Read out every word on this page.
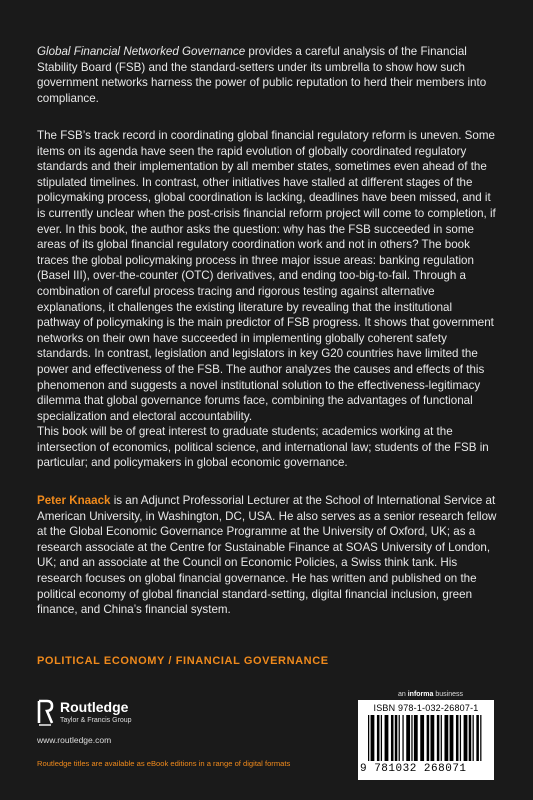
Global Financial Networked Governance provides a careful analysis of the Financial Stability Board (FSB) and the standard-setters under its umbrella to show how such government networks harness the power of public reputation to herd their members into compliance.
The FSB’s track record in coordinating global financial regulatory reform is uneven. Some items on its agenda have seen the rapid evolution of globally coordinated regulatory standards and their implementation by all member states, sometimes even ahead of the stipulated timelines. In contrast, other initiatives have stalled at different stages of the policymaking process, global coordination is lacking, deadlines have been missed, and it is currently unclear when the post-crisis financial reform project will come to completion, if ever. In this book, the author asks the question: why has the FSB succeeded in some areas of its global financial regulatory coordination work and not in others? The book traces the global policymaking process in three major issue areas: banking regulation (Basel III), over-the-counter (OTC) derivatives, and ending too-big-to-fail. Through a combination of careful process tracing and rigorous testing against alternative explanations, it challenges the existing literature by revealing that the institutional pathway of policymaking is the main predictor of FSB progress. It shows that government networks on their own have succeeded in implementing globally coherent safety standards. In contrast, legislation and legislators in key G20 countries have limited the power and effectiveness of the FSB. The author analyzes the causes and effects of this phenomenon and suggests a novel institutional solution to the effectiveness-legitimacy dilemma that global governance forums face, combining the advantages of functional specialization and electoral accountability.
This book will be of great interest to graduate students; academics working at the intersection of economics, political science, and international law; students of the FSB in particular; and policymakers in global economic governance.
Peter Knaack is an Adjunct Professorial Lecturer at the School of International Service at American University, in Washington, DC, USA. He also serves as a senior research fellow at the Global Economic Governance Programme at the University of Oxford, UK; as a research associate at the Centre for Sustainable Finance at SOAS University of London, UK; and an associate at the Council on Economic Policies, a Swiss think tank. His research focuses on global financial governance. He has written and published on the political economy of global financial standard-setting, digital financial inclusion, green finance, and China’s financial system.
POLITICAL ECONOMY / FINANCIAL GOVERNANCE
Routledge
Taylor & Francis Group
www.routledge.com
Routledge titles are available as eBook editions in a range of digital formats
an informa business
ISBN 978-1-032-26807-1
9 781032 268071
